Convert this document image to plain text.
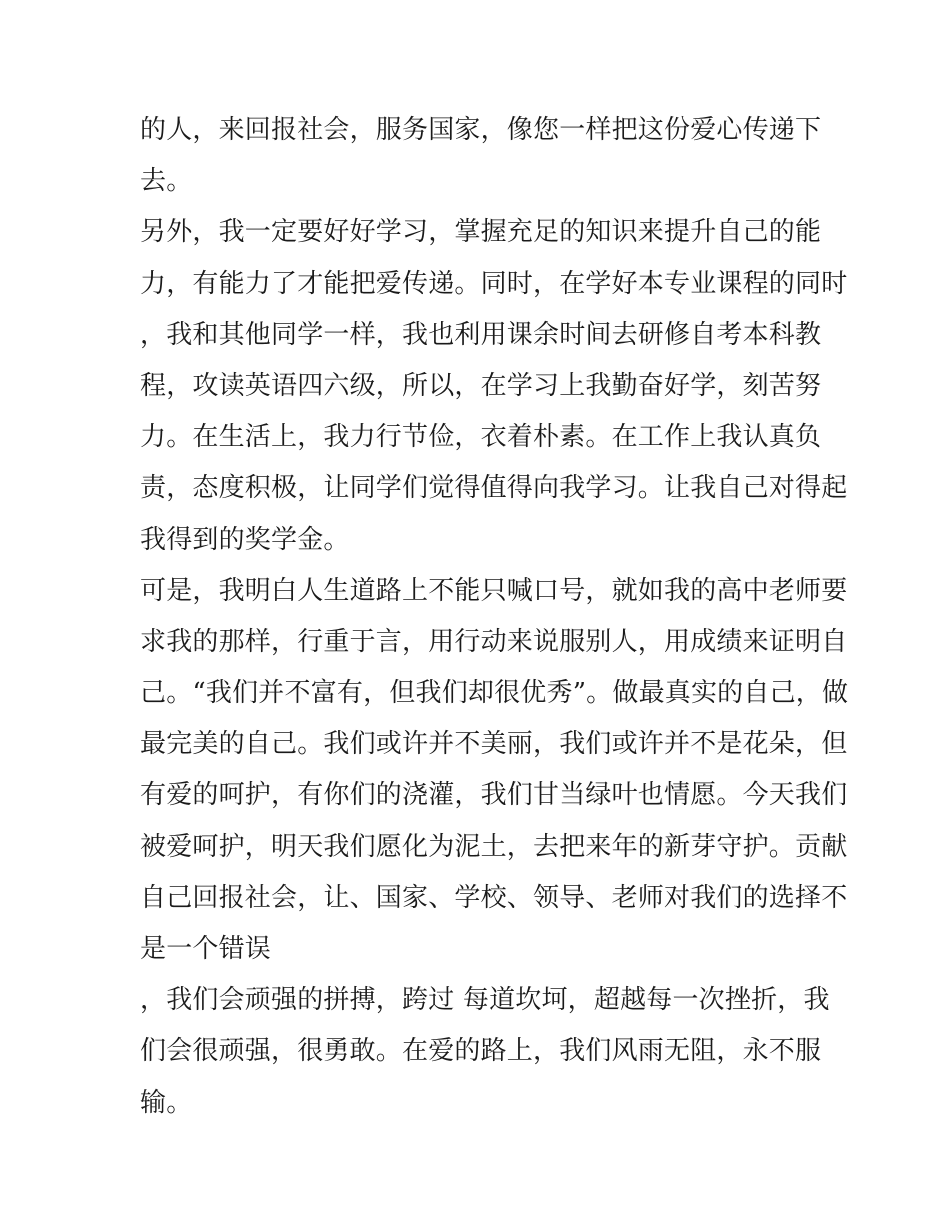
的人，来回报社会，服务国家，像您一样把这份爱心传递下
去。
另外，我一定要好好学习，掌握充足的知识来提升自己的能
力，有能力了才能把爱传递。同时，在学好本专业课程的同时
，我和其他同学一样，我也利用课余时间去研修自考本科教
程，攻读英语四六级，所以，在学习上我勤奋好学，刻苦努
力。在生活上，我力行节俭，衣着朴素。在工作上我认真负
责，态度积极，让同学们觉得值得向我学习。让我自己对得起
我得到的奖学金。
可是，我明白人生道路上不能只喊口号，就如我的高中老师要
求我的那样，行重于言，用行动来说服别人，用成绩来证明自
己。“我们并不富有，但我们却很优秀”。做最真实的自己，做
最完美的自己。我们或许并不美丽，我们或许并不是花朵，但
有爱的呵护，有你们的浇灌，我们甘当绿叶也情愿。今天我们
被爱呵护，明天我们愿化为泥土，去把来年的新芽守护。贡献
自己回报社会，让、国家、学校、领导、老师对我们的选择不
是一个错误
，我们会顽强的拼搏，跨过 每道坎坷，超越每一次挫折，我
们会很顽强，很勇敢。在爱的路上，我们风雨无阻，永不服
输。
